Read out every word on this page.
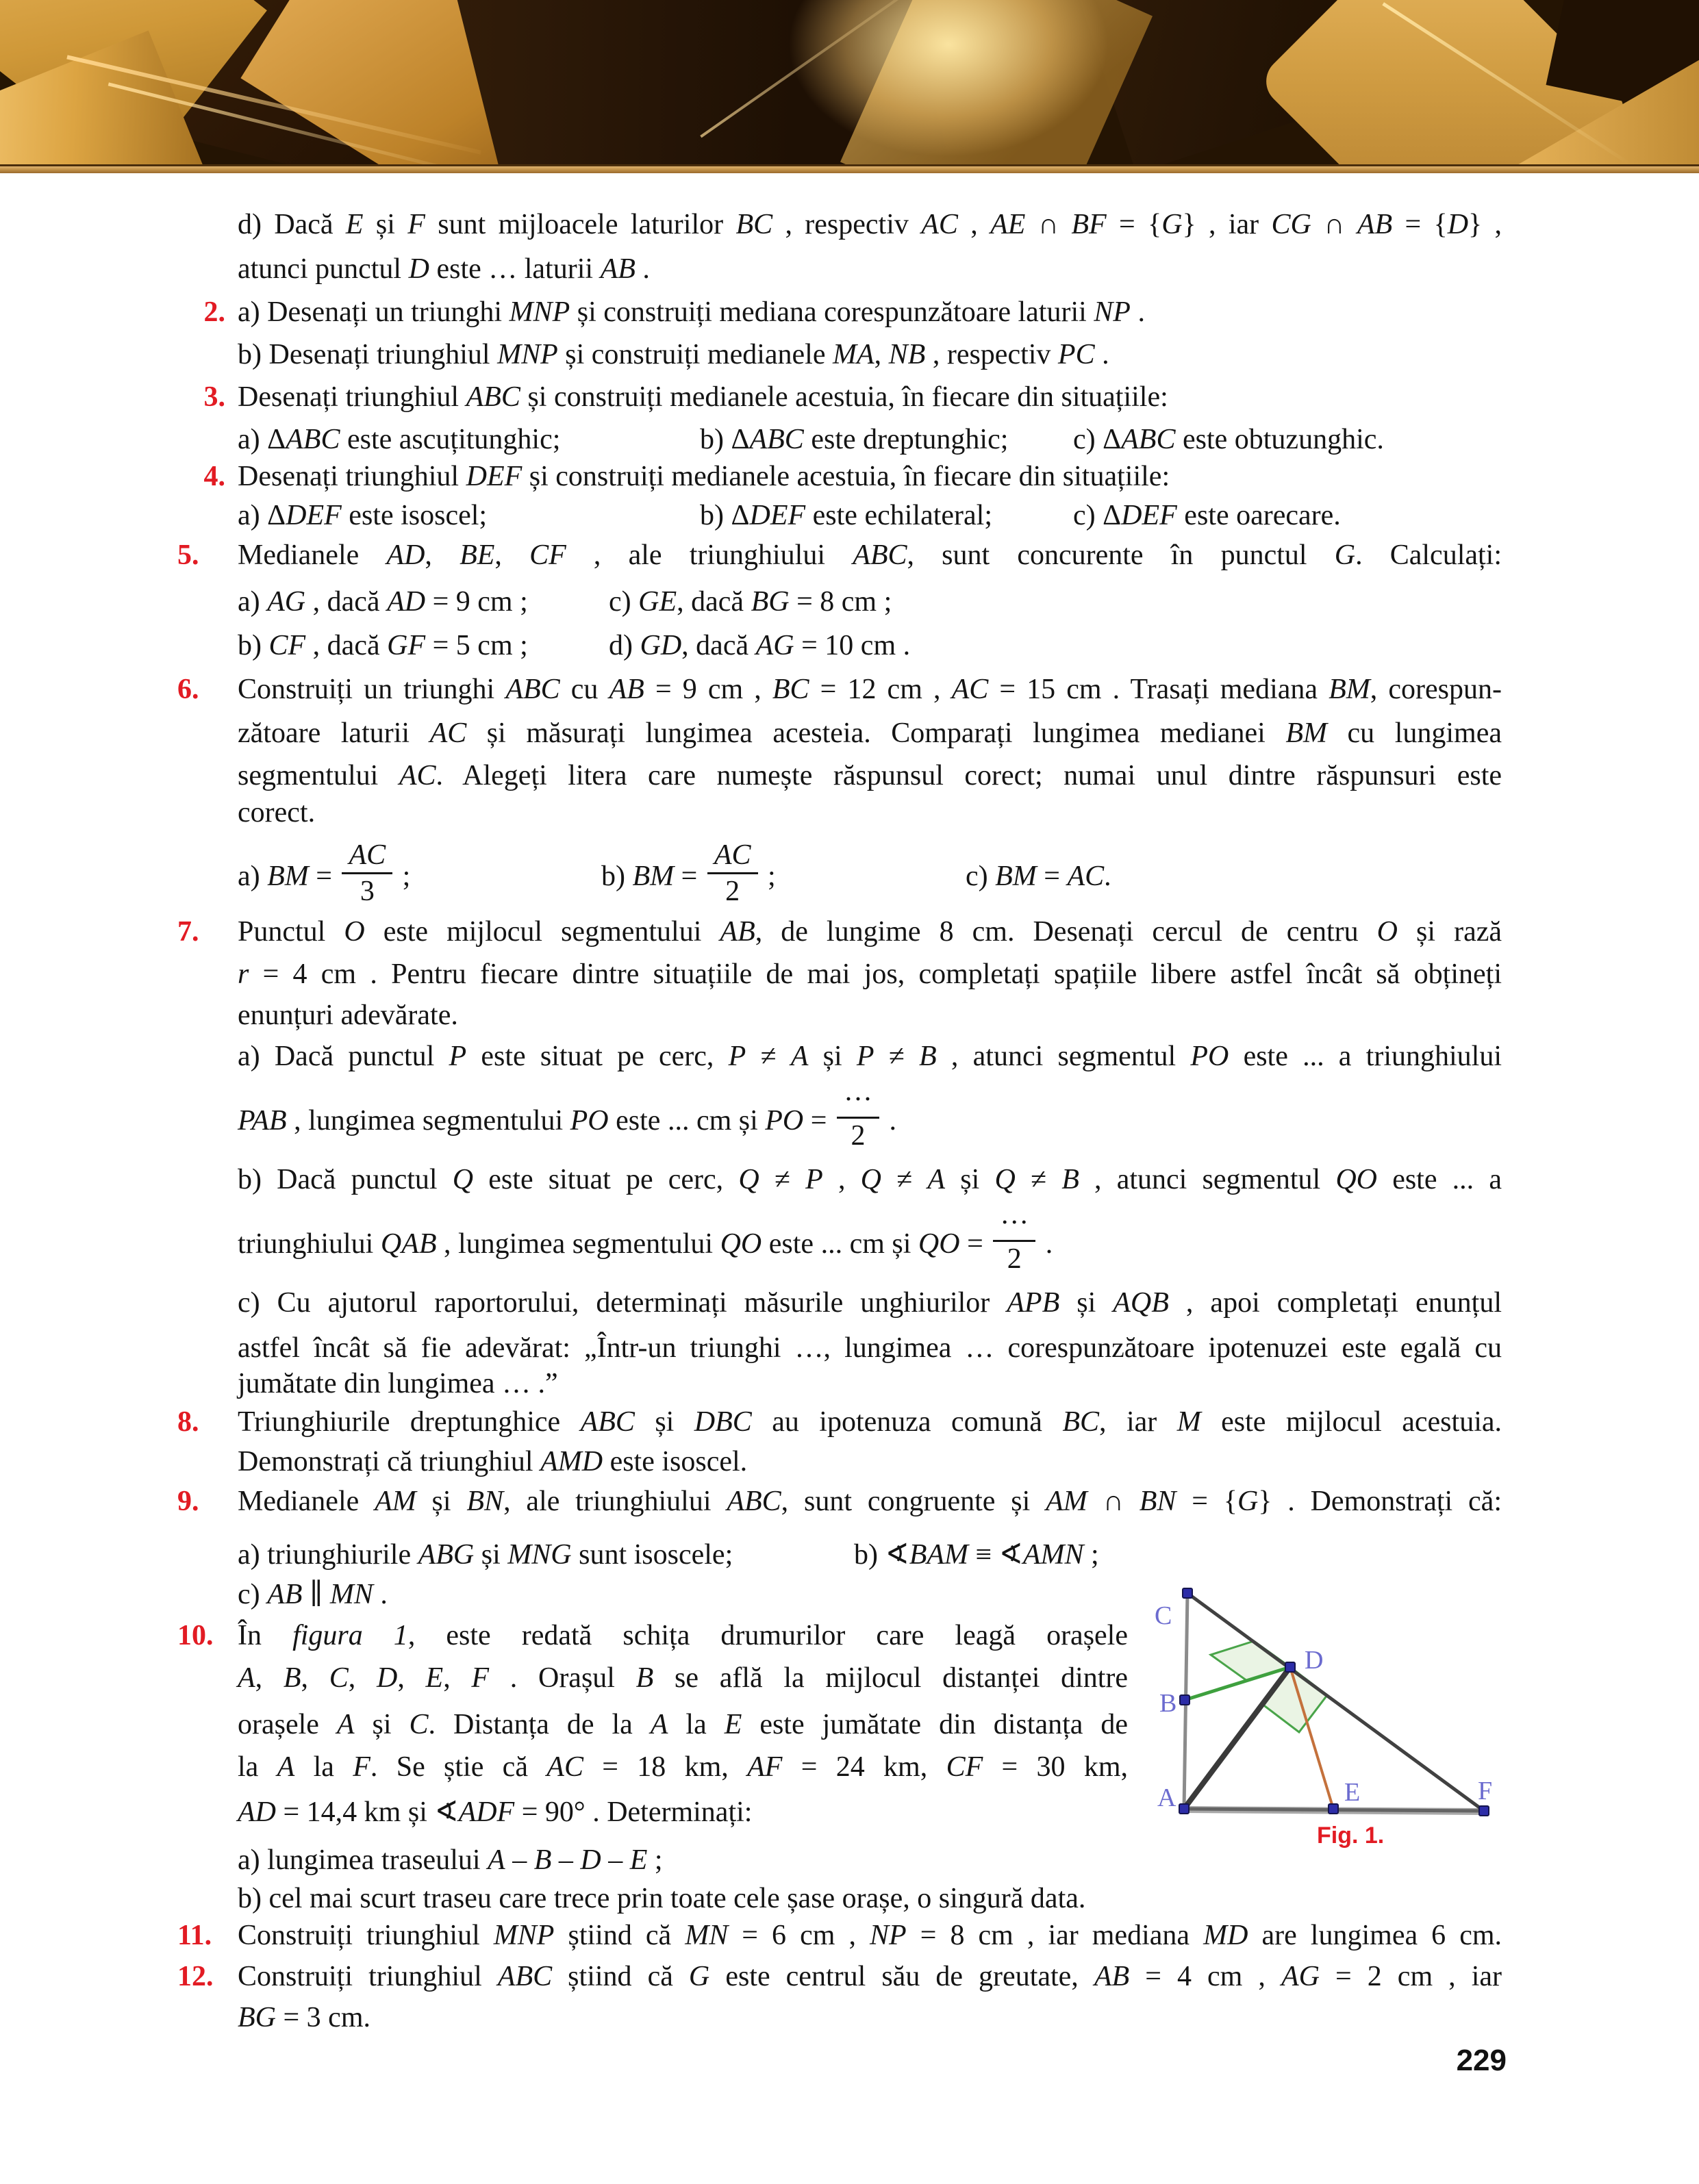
d) Dacă E și F sunt mijloacele laturilor BC , respectiv AC , AE ∩ BF = {G} , iar CG ∩ AB = {D} ,
atunci punctul D este … laturii AB .
2. a) Desenați un triunghi MNP și construiți mediana corespunzătoare laturii NP .
b) Desenați triunghiul MNP și construiți medianele MA, NB , respectiv PC .
3. Desenați triunghiul ABC și construiți medianele acestuia, în fiecare din situațiile:
a) ΔABC este ascuțitunghic;	b) ΔABC este dreptunghic; c) ΔABC este obtuzunghic.
4. Desenați triunghiul DEF și construiți medianele acestuia, în fiecare din situațiile:
a) ΔDEF este isoscel;	b) ΔDEF este echilateral;	c) ΔDEF este oarecare.
5.	Medianele AD, BE, CF , ale triunghiului ABC, sunt concurente în punctul G. Calculați:
a) AG , dacă AD = 9 cm ;	c) GE, dacă BG = 8 cm ;
b) CF , dacă GF = 5 cm ;	d) GD, dacă AG = 10 cm .
6.	Construiți un triunghi ABC cu AB = 9 cm , BC = 12 cm , AC = 15 cm . Trasați mediana BM, corespun-
zătoare laturii AC și măsurați lungimea acesteia. Comparați lungimea medianei BM cu lungimea
segmentului AC. Alegeți litera care numește răspunsul corect; numai unul dintre răspunsuri este
corect.
a) BM = $\frac{AC}{3}$ ;	b) BM = $\frac{AC}{2}$ ;	c) BM = AC.
7.	Punctul O este mijlocul segmentului AB, de lungime 8 cm. Desenați cercul de centru O și rază
r = 4 cm . Pentru fiecare dintre situațiile de mai jos, completați spațiile libere astfel încât să obțineți
enunțuri adevărate.
a) Dacă punctul P este situat pe cerc, P ≠ A și P ≠ B , atunci segmentul PO este ... a triunghiului
PAB , lungimea segmentului PO este ... cm și PO = $\frac{\cdot\cdot\cdot}{2}$ .
b) Dacă punctul Q este situat pe cerc, Q ≠ P , Q ≠ A și Q ≠ B , atunci segmentul QO este ... a
triunghiului QAB , lungimea segmentului QO este ... cm și QO = $\frac{\cdot\cdot\cdot}{2}$ .
c) Cu ajutorul raportorului, determinați măsurile unghiurilor APB și AQB , apoi completați enunțul
astfel încât să fie adevărat: „Într-un triunghi …, lungimea … corespunzătoare ipotenuzei este egală cu
jumătate din lungimea … .”
8.	Triunghiurile dreptunghice ABC și DBC au ipotenuza comună BC, iar M este mijlocul acestuia.
Demonstrați că triunghiul AMD este isoscel.
9.	Medianele AM și BN, ale triunghiului ABC, sunt congruente și AM ∩ BN = {G} . Demonstrați că:
a) triunghiurile ABG și MNG sunt isoscele;	b) ∢BAM ≡ ∢AMN ;
c) AB ∥ MN .
10. În figura 1, este redată schița drumurilor care leagă orașele
A, B, C, D, E, F . Orașul B se află la mijlocul distanței dintre
orașele A și C. Distanța de la A la E este jumătate din distanța de
la A la F. Se știe că AC = 18 km, AF = 24 km, CF = 30 km,
AD = 14,4 km și ∢ADF = 90° . Determinați:
a) lungimea traseului A – B – D – E ;
b) cel mai scurt traseu care trece prin toate cele șase orașe, o singură data.
11. Construiți triunghiul MNP știind că MN = 6 cm , NP = 8 cm , iar mediana MD are lungimea 6 cm.
12. Construiți triunghiul ABC știind că G este centrul său de greutate, AB = 4 cm , AG = 2 cm , iar
BG = 3 cm.
C
B
A
D
E	F
Fig. 1.
229
